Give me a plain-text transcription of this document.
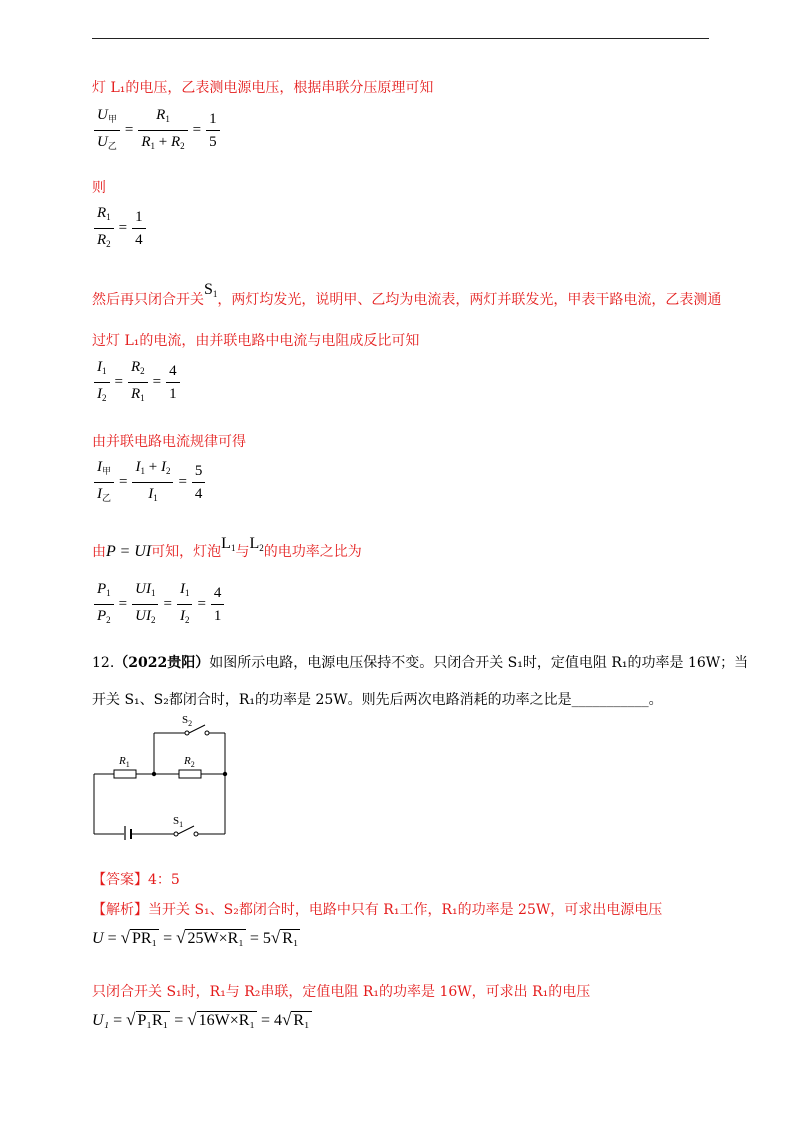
灯 L₁的电压，乙表测电源电压，根据串联分压原理可知
$\frac{U_甲}{U_乙} = \frac{R_1}{R_1 + R_2} = \frac{1}{5}$
则
$\frac{R_1}{R_2} = \frac{1}{4}$
然后再只闭合开关$S_1$，两灯均发光，说明甲、乙均为电流表，两灯并联发光，甲表干路电流，乙表测通
过灯 L₁的电流，由并联电路中电流与电阻成反比可知
$\frac{I_1}{I_2} = \frac{R_2}{R_1} = \frac{4}{1}$
由并联电路电流规律可得
$\frac{I_甲}{I_乙} = \frac{I_1 + I_2}{I_1} = \frac{5}{4}$
由P = UI可知，灯泡$L_1$与$L_2$的电功率之比为
$\frac{P_1}{P_2} = \frac{UI_1}{UI_2} = \frac{I_1}{I_2} = \frac{4}{1}$
12.（2022贵阳）如图所示电路，电源电压保持不变。只闭合开关 S₁时，定值电阻 R₁的功率是 16W；当
开关 S₁、S₂都闭合时，R₁的功率是 25W。则先后两次电路消耗的功率之比是___________。
$S_2$
$R_1$	$R_2$
$S_1$
【答案】4：5
【解析】当开关 S₁、S₂都闭合时，电路中只有 R₁工作，R₁的功率是 25W，可求出电源电压
U = √ PR₁ = √ 25W×R₁ = 5√ R₁
只闭合开关 S₁时，R₁与 R₂串联，定值电阻 R₁的功率是 16W，可求出 R₁的电压
U₁ = √ P₁R₁ = √ 16W×R₁ = 4√ R₁
